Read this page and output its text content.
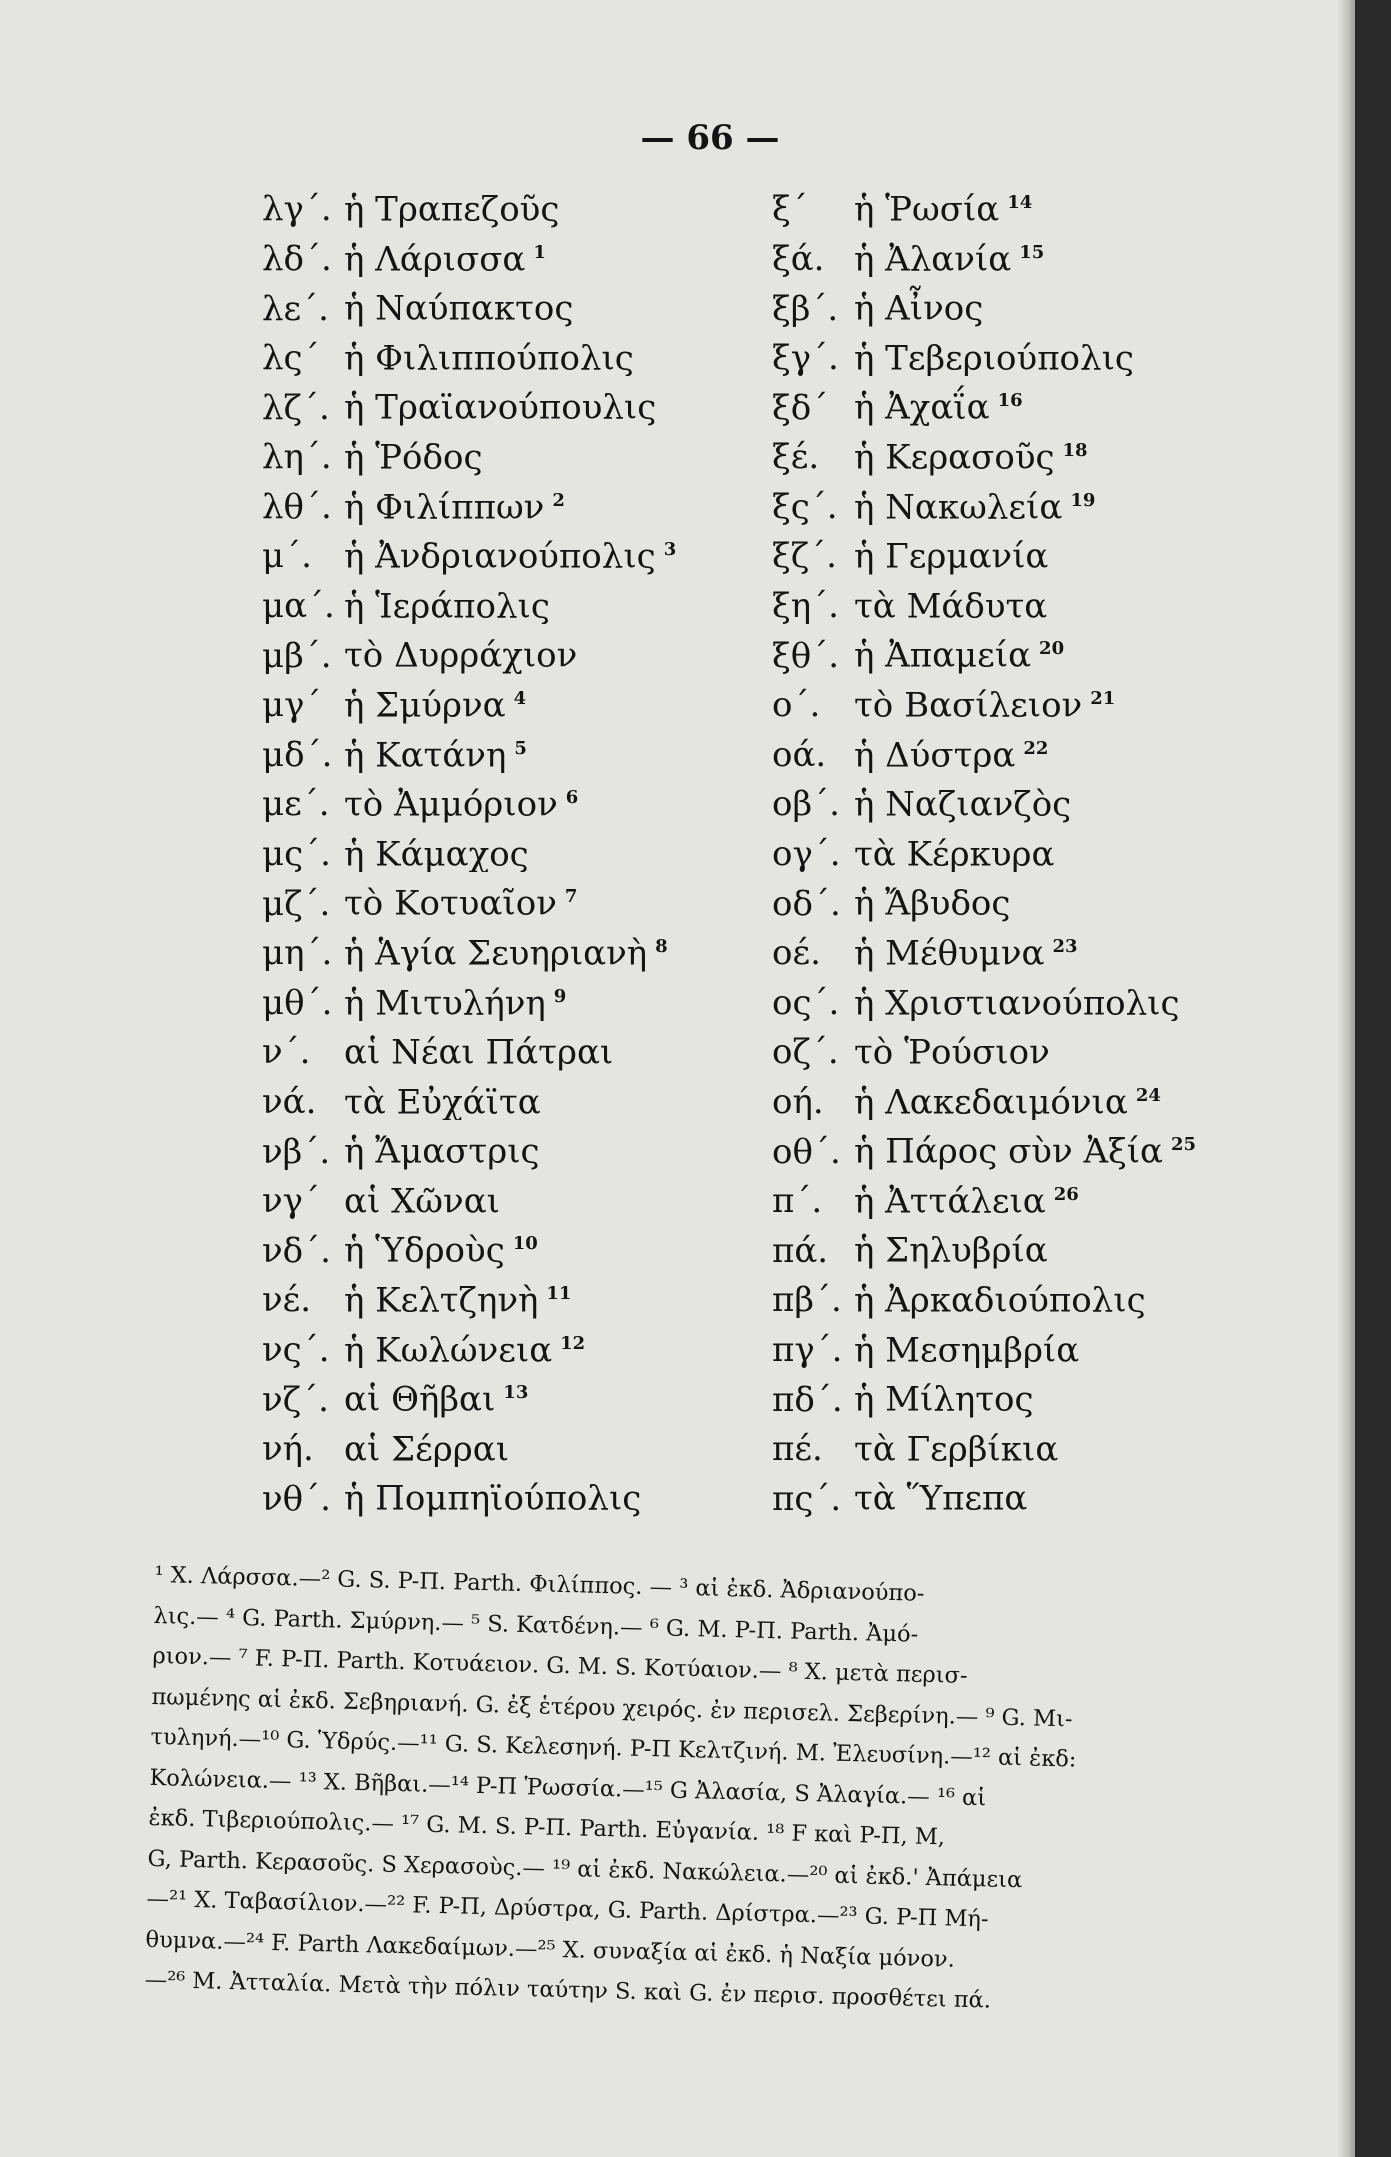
— 66 —
λγ΄. ἡ Τραπεζοῦς
λδ΄. ἡ Λάρισσα $^1$
λε΄. ἡ Ναύπακτος
λς΄ ἡ Φιλιππούπολις
λζ΄. ἡ Τραϊανούπουλις
λη΄. ἡ Ῥόδος
λθ΄. ἡ Φιλίππων $^2$
μ΄. ἡ Ἀνδριανούπολις $^3$
μα΄. ἡ Ἱεράπολις
μβ΄. τὸ Δυρράχιον
μγ΄ ἡ Σμύρνα $^4$
μδ΄. ἡ Κατάνη $^5$
με΄. τὸ Ἀμμόριον $^6$
μς΄. ἡ Κάμαχος
μζ΄. τὸ Κοτυαῖον $^7$
μη΄. ἡ Ἁγία Σευηριανὴ $^8$
μθ΄. ἡ Μιτυλήνη $^9$
ν΄. αἱ Νέαι Πάτραι
νά. τὰ Εὐχάϊτα
νβ΄. ἡ Ἄμαστρις
νγ΄ αἱ Χῶναι
νδ΄. ἡ Ὑδροὺς $^{10}$
νέ. ἡ Κελτζηνὴ $^{11}$
νς΄. ἡ Κωλώνεια $^{12}$
νζ΄. αἱ Θῆβαι $^{13}$
νή. αἱ Σέρραι
νθ΄. ἡ Πομπηϊούπολις
ξ΄ ἡ Ῥωσία $^{14}$
ξά. ἡ Ἀλανία $^{15}$
ξβ΄. ἡ Αἶνος
ξγ΄. ἡ Τεβεριούπολις
ξδ΄ ἡ Ἀχαΐα $^{16}$
ξέ. ἡ Κερασοῦς $^{18}$
ξς΄. ἡ Νακωλεία $^{19}$
ξζ΄. ἡ Γερμανία
ξη΄. τὰ Μάδυτα
ξθ΄. ἡ Ἀπαμεία $^{20}$
ο΄. τὸ Βασίλειον $^{21}$
οά. ἡ Δύστρα $^{22}$
οβ΄. ἡ Ναζιανζὸς
ογ΄. τὰ Κέρκυρα
οδ΄. ἡ Ἄβυδος
οέ. ἡ Μέθυμνα $^{23}$
ος΄. ἡ Χριστιανούπολις
οζ΄. τὸ Ῥούσιον
οή. ἡ Λακεδαιμόνια $^{24}$
οθ΄. ἡ Πάρος σὺν Ἀξία $^{25}$
π΄. ἡ Ἀττάλεια $^{26}$
πά. ἡ Σηλυβρία
πβ΄. ἡ Ἀρκαδιούπολις
πγ΄. ἡ Μεσημβρία
πδ΄. ἡ Μίλητος
πέ. τὰ Γερβίκια
πς΄. τὰ Ὕπεπα
¹ X. Λάρσσα.—² G. S. P-Π. Parth. Φιλίππος. — ³ αἱ ἐκδ. Ἀδριανούπο-
λις.— ⁴ G. Parth. Σμύρνη.— ⁵ S. Κατδένη.— ⁶ G. M. P-Π. Parth. Ἀμό-
ριον.— ⁷ F. P-Π. Parth. Κοτυάειον. G. M. S. Κοτύαιον.— ⁸ X. μετὰ περισ-
πωμένης αἱ ἐκδ. Σεβηριανή. G. ἐξ ἑτέρου χειρός. ἐν περισελ. Σεβερίνη.— ⁹ G. Μι-
τυληνή.—¹⁰ G. Ὑδρύς.—¹¹ G. S. Κελεσηνή. P-Π Κελτζινή. M. Ἐλευσίνη.—¹² αἱ ἐκδ:
Κολώνεια.— ¹³ X. Βῆβαι.—¹⁴ P-Π Ῥωσσία.—¹⁵ G Ἀλασία, S Ἀλαγία.— ¹⁶ αἱ
ἐκδ. Τιβεριούπολις.— ¹⁷ G. M. S. P-Π. Parth. Εὐγανία. ¹⁸ F καὶ P-Π, M,
G, Parth. Κερασοῦς. S Χερασοὺς.— ¹⁹ αἱ ἐκδ. Νακώλεια.—²⁰ αἱ ἐκδ.' Ἀπάμεια
—²¹ X. Ταβασίλιον.—²² F. P-Π, Δρύστρα, G. Parth. Δρίστρα.—²³ G. P-Π Μή-
θυμνα.—²⁴ F. Parth Λακεδαίμων.—²⁵ X. συναξία αἱ ἐκδ. ἡ Ναξία μόνον.
—²⁶ M. Ἀτταλία. Μετὰ τὴν πόλιν ταύτην S. καὶ G. ἐν περισ. προσθέτει πά.
